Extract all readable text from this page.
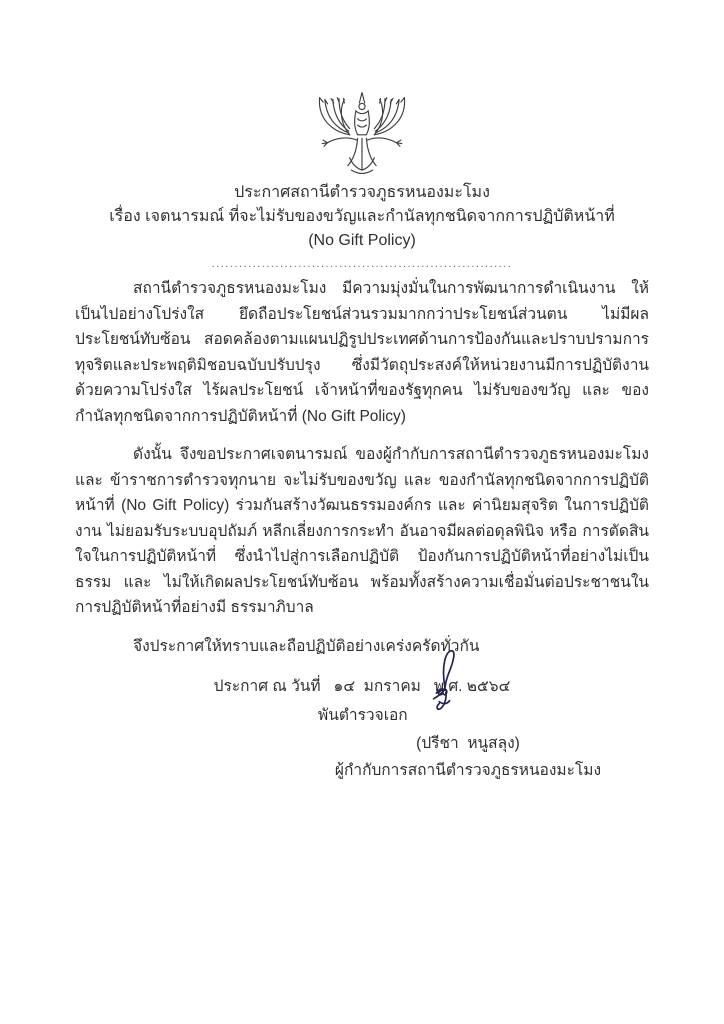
ประกาศสถานีตำรวจภูธรหนองมะโมง
เรื่อง เจตนารมณ์ ที่จะไม่รับของขวัญและกำนัลทุกชนิดจากการปฏิบัติหน้าที่
(No Gift Policy)
..................................................................

สถานีตำรวจภูธรหนองมะโมง มีความมุ่งมั่นในการพัฒนาการดำเนินงาน ให้เป็นไปอย่างโปร่งใส ยึดถือประโยชน์ส่วนรวมมากกว่าประโยชน์ส่วนตน ไม่มีผลประโยชน์ทับซ้อน สอดคล้องตามแผนปฏิรูปประเทศด้านการป้องกันและปราบปรามการทุจริตและประพฤติมิชอบฉบับปรับปรุง ซึ่งมีวัตถุประสงค์ให้หน่วยงานมีการปฏิบัติงาน ด้วยความโปร่งใส ไร้ผลประโยชน์ เจ้าหน้าที่ของรัฐทุกคน ไม่รับของขวัญ และ ของกำนัลทุกชนิดจากการปฏิบัติหน้าที่ (No Gift Policy)

ดังนั้น จึงขอประกาศเจตนารมณ์ ของผู้กำกับการสถานีตำรวจภูธรหนองมะโมง และ ข้าราชการตำรวจทุกนาย จะไม่รับของขวัญ และ ของกำนัลทุกชนิดจากการปฏิบัติหน้าที่ (No Gift Policy) ร่วมกันสร้างวัฒนธรรมองค์กร และ ค่านิยมสุจริต ในการปฏิบัติงาน ไม่ยอมรับระบบอุปถัมภ์ หลีกเลี่ยงการกระทำ อันอาจมีผลต่อดุลพินิจ หรือ การตัดสินใจในการปฏิบัติหน้าที่ ซึ่งนำไปสู่การเลือกปฏิบัติ ป้องกันการปฏิบัติหน้าที่อย่างไม่เป็นธรรม และ ไม่ให้เกิดผลประโยชน์ทับซ้อน พร้อมทั้งสร้างความเชื่อมั่นต่อประชาชนในการปฏิบัติหน้าที่อย่างมี ธรรมาภิบาล

จึงประกาศให้ทราบและถือปฏิบัติอย่างเคร่งครัดทั่วกัน

ประกาศ ณ วันที่   ๑๔  มกราคม   พ.ศ. ๒๕๖๔

พันตำรวจเอก
(ปรีชา  หนูสลุง)
ผู้กำกับการสถานีตำรวจภูธรหนองมะโมง
